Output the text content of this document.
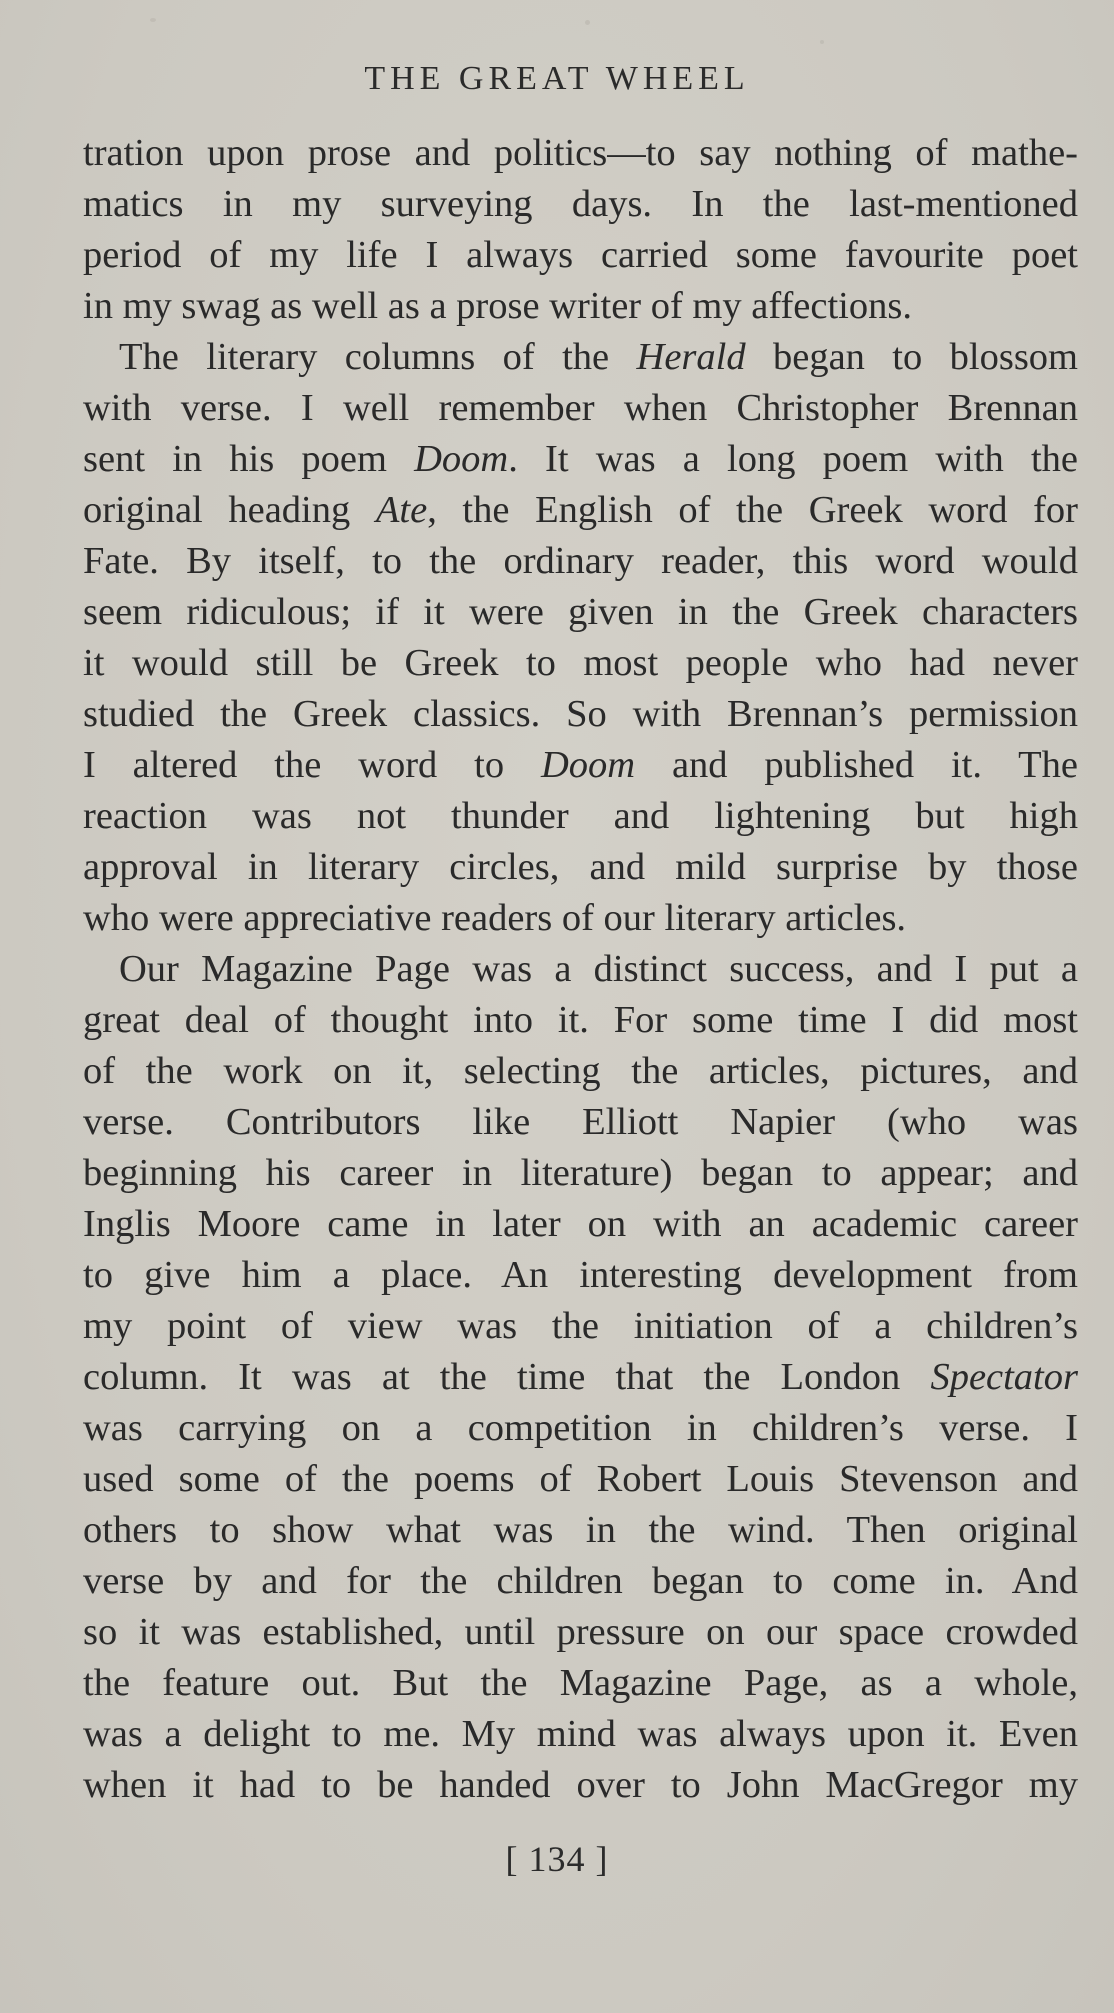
THE GREAT WHEEL
tration upon prose and politics—to say nothing of mathe-
matics in my surveying days. In the last-mentioned
period of my life I always carried some favourite poet
in my swag as well as a prose writer of my affections.
The literary columns of the Herald began to blossom
with verse. I well remember when Christopher Brennan
sent in his poem Doom. It was a long poem with the
original heading Ate, the English of the Greek word for
Fate. By itself, to the ordinary reader, this word would
seem ridiculous; if it were given in the Greek characters
it would still be Greek to most people who had never
studied the Greek classics. So with Brennan’s permission
I altered the word to Doom and published it. The
reaction was not thunder and lightening but high
approval in literary circles, and mild surprise by those
who were appreciative readers of our literary articles.
Our Magazine Page was a distinct success, and I put a
great deal of thought into it. For some time I did most
of the work on it, selecting the articles, pictures, and
verse. Contributors like Elliott Napier (who was
beginning his career in literature) began to appear; and
Inglis Moore came in later on with an academic career
to give him a place. An interesting development from
my point of view was the initiation of a children’s
column. It was at the time that the London Spectator
was carrying on a competition in children’s verse. I
used some of the poems of Robert Louis Stevenson and
others to show what was in the wind. Then original
verse by and for the children began to come in. And
so it was established, until pressure on our space crowded
the feature out. But the Magazine Page, as a whole,
was a delight to me. My mind was always upon it. Even
when it had to be handed over to John MacGregor my
[ 134 ]
